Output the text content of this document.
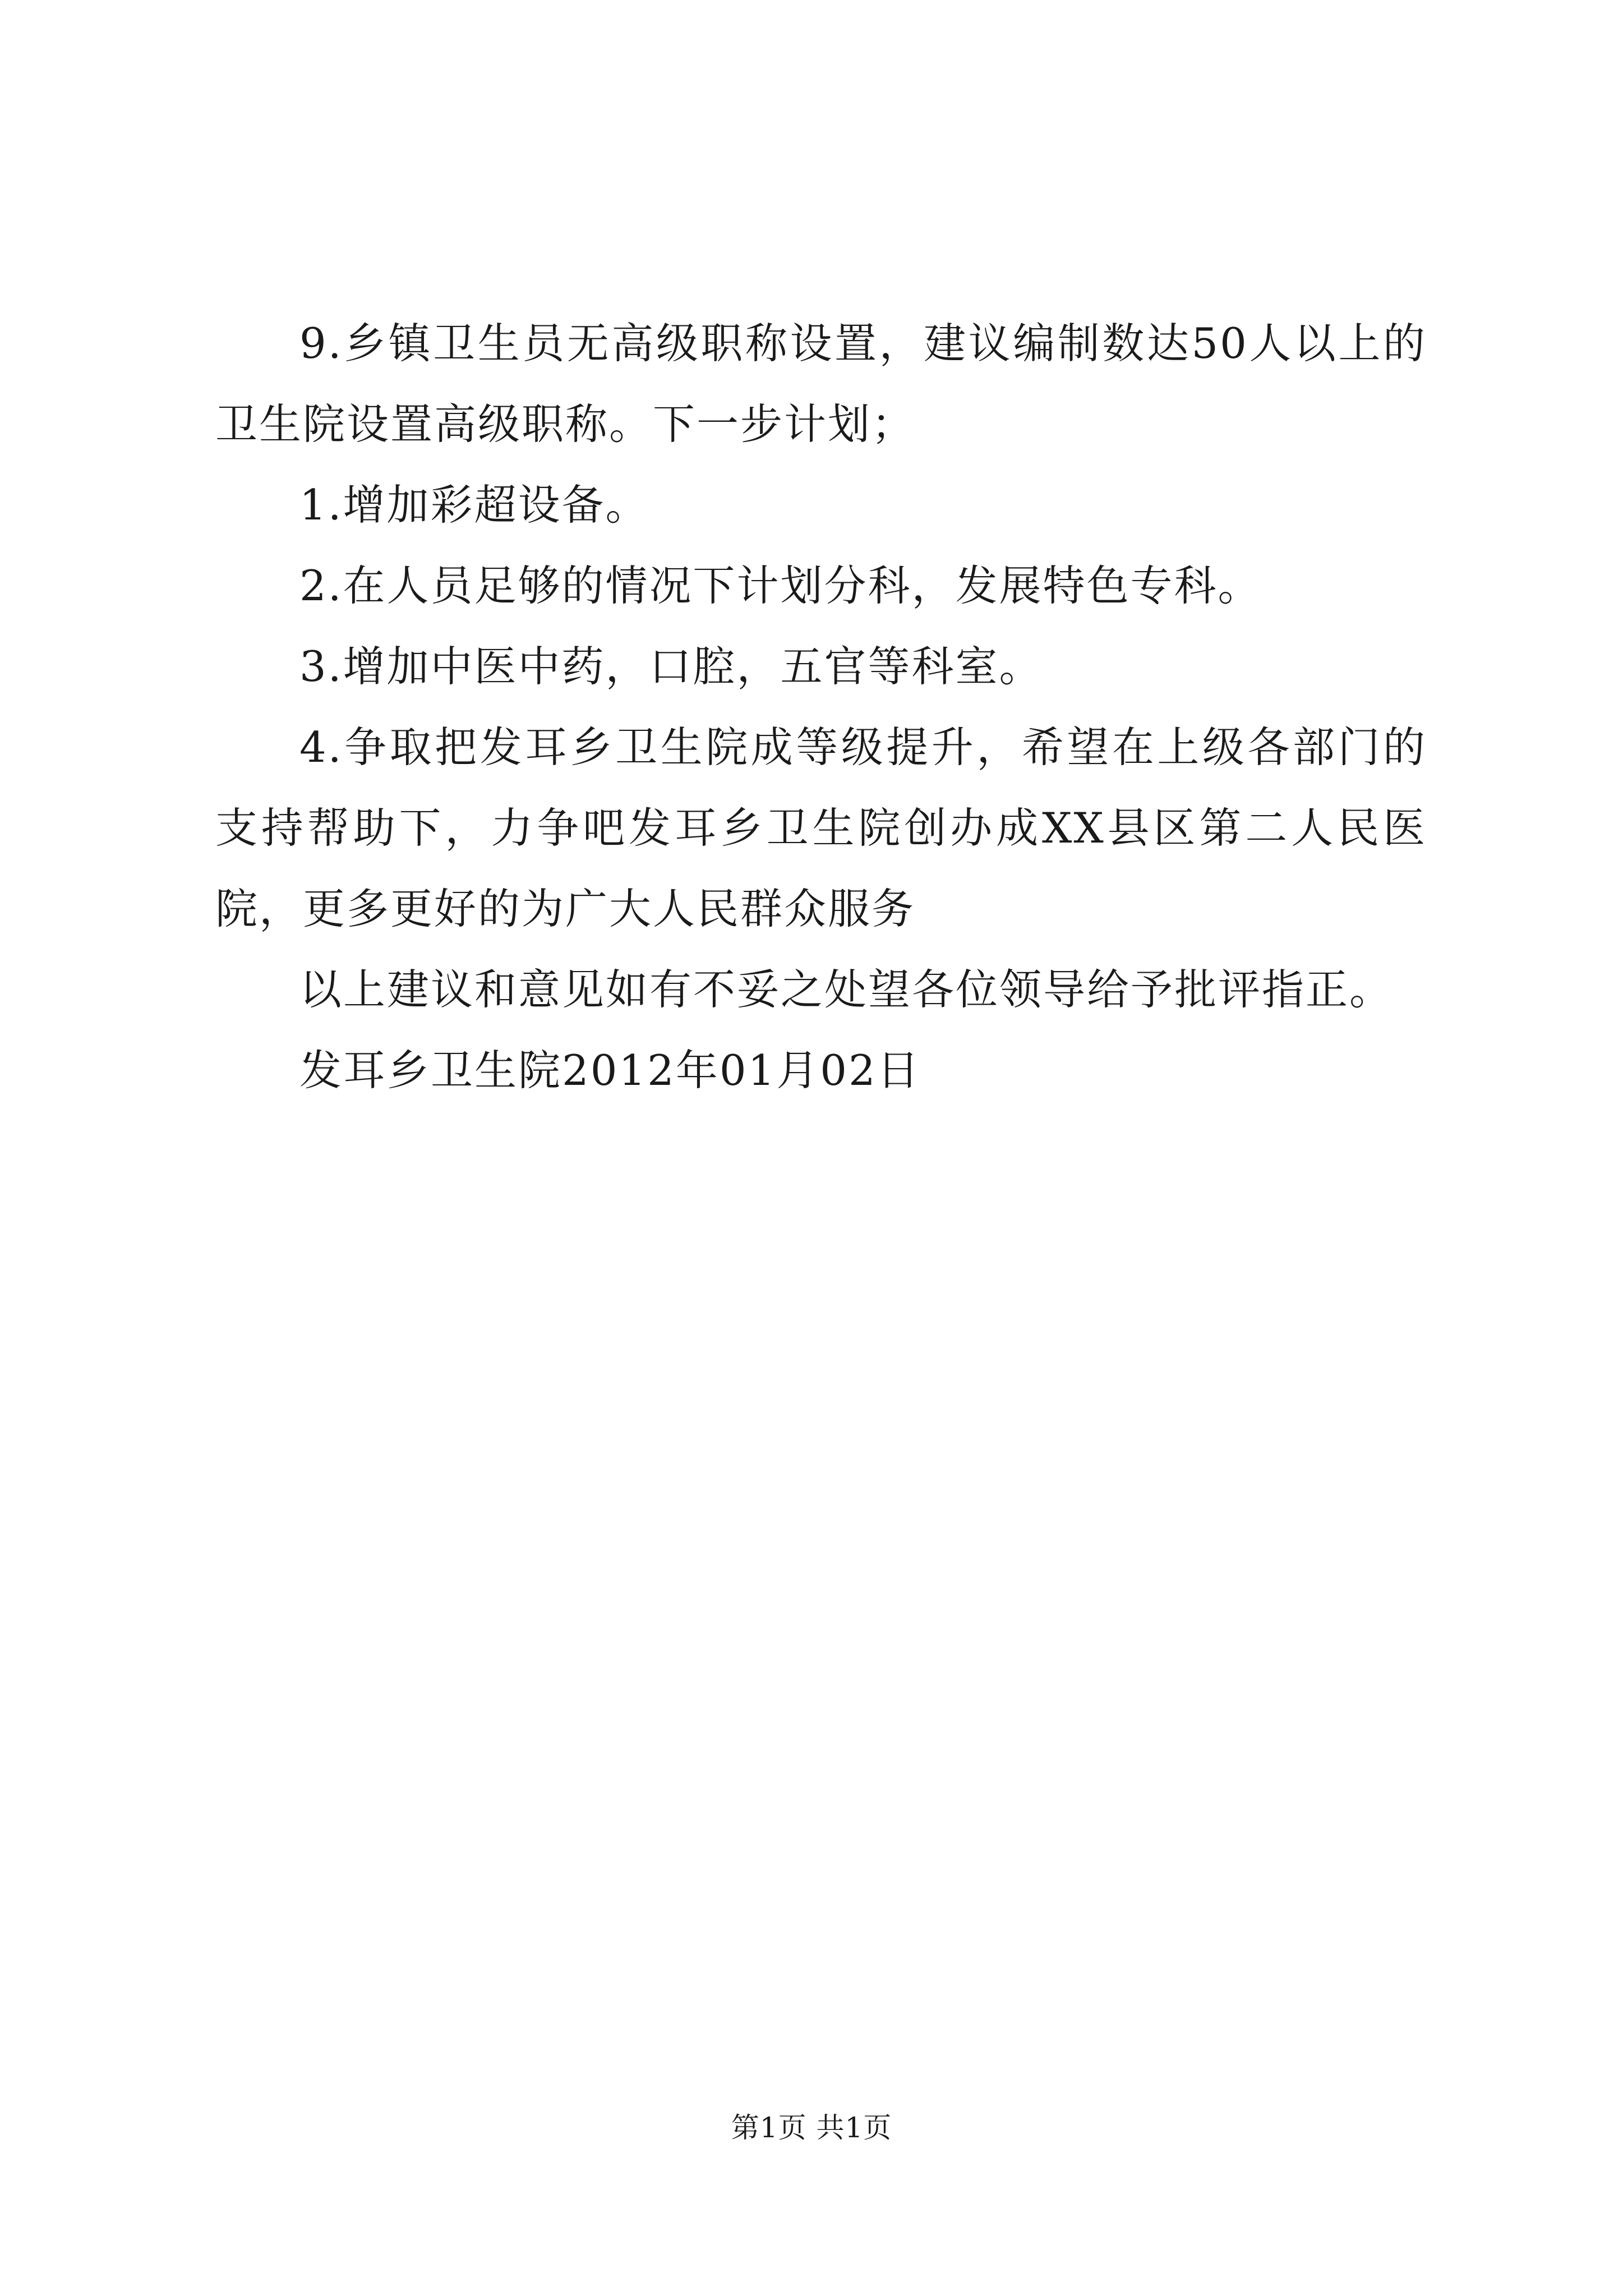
9.乡镇卫生员无高级职称设置，建议编制数达50人以上的卫生院设置高级职称。下一步计划；

1.增加彩超设备。

2.在人员足够的情况下计划分科，发展特色专科。

3.增加中医中药，口腔，五官等科室。

4.争取把发耳乡卫生院成等级提升，希望在上级各部门的支持帮助下，力争吧发耳乡卫生院创办成XX县区第二人民医院，更多更好的为广大人民群众服务

以上建议和意见如有不妥之处望各位领导给予批评指正。

发耳乡卫生院2012年01月02日

第1页 共1页
